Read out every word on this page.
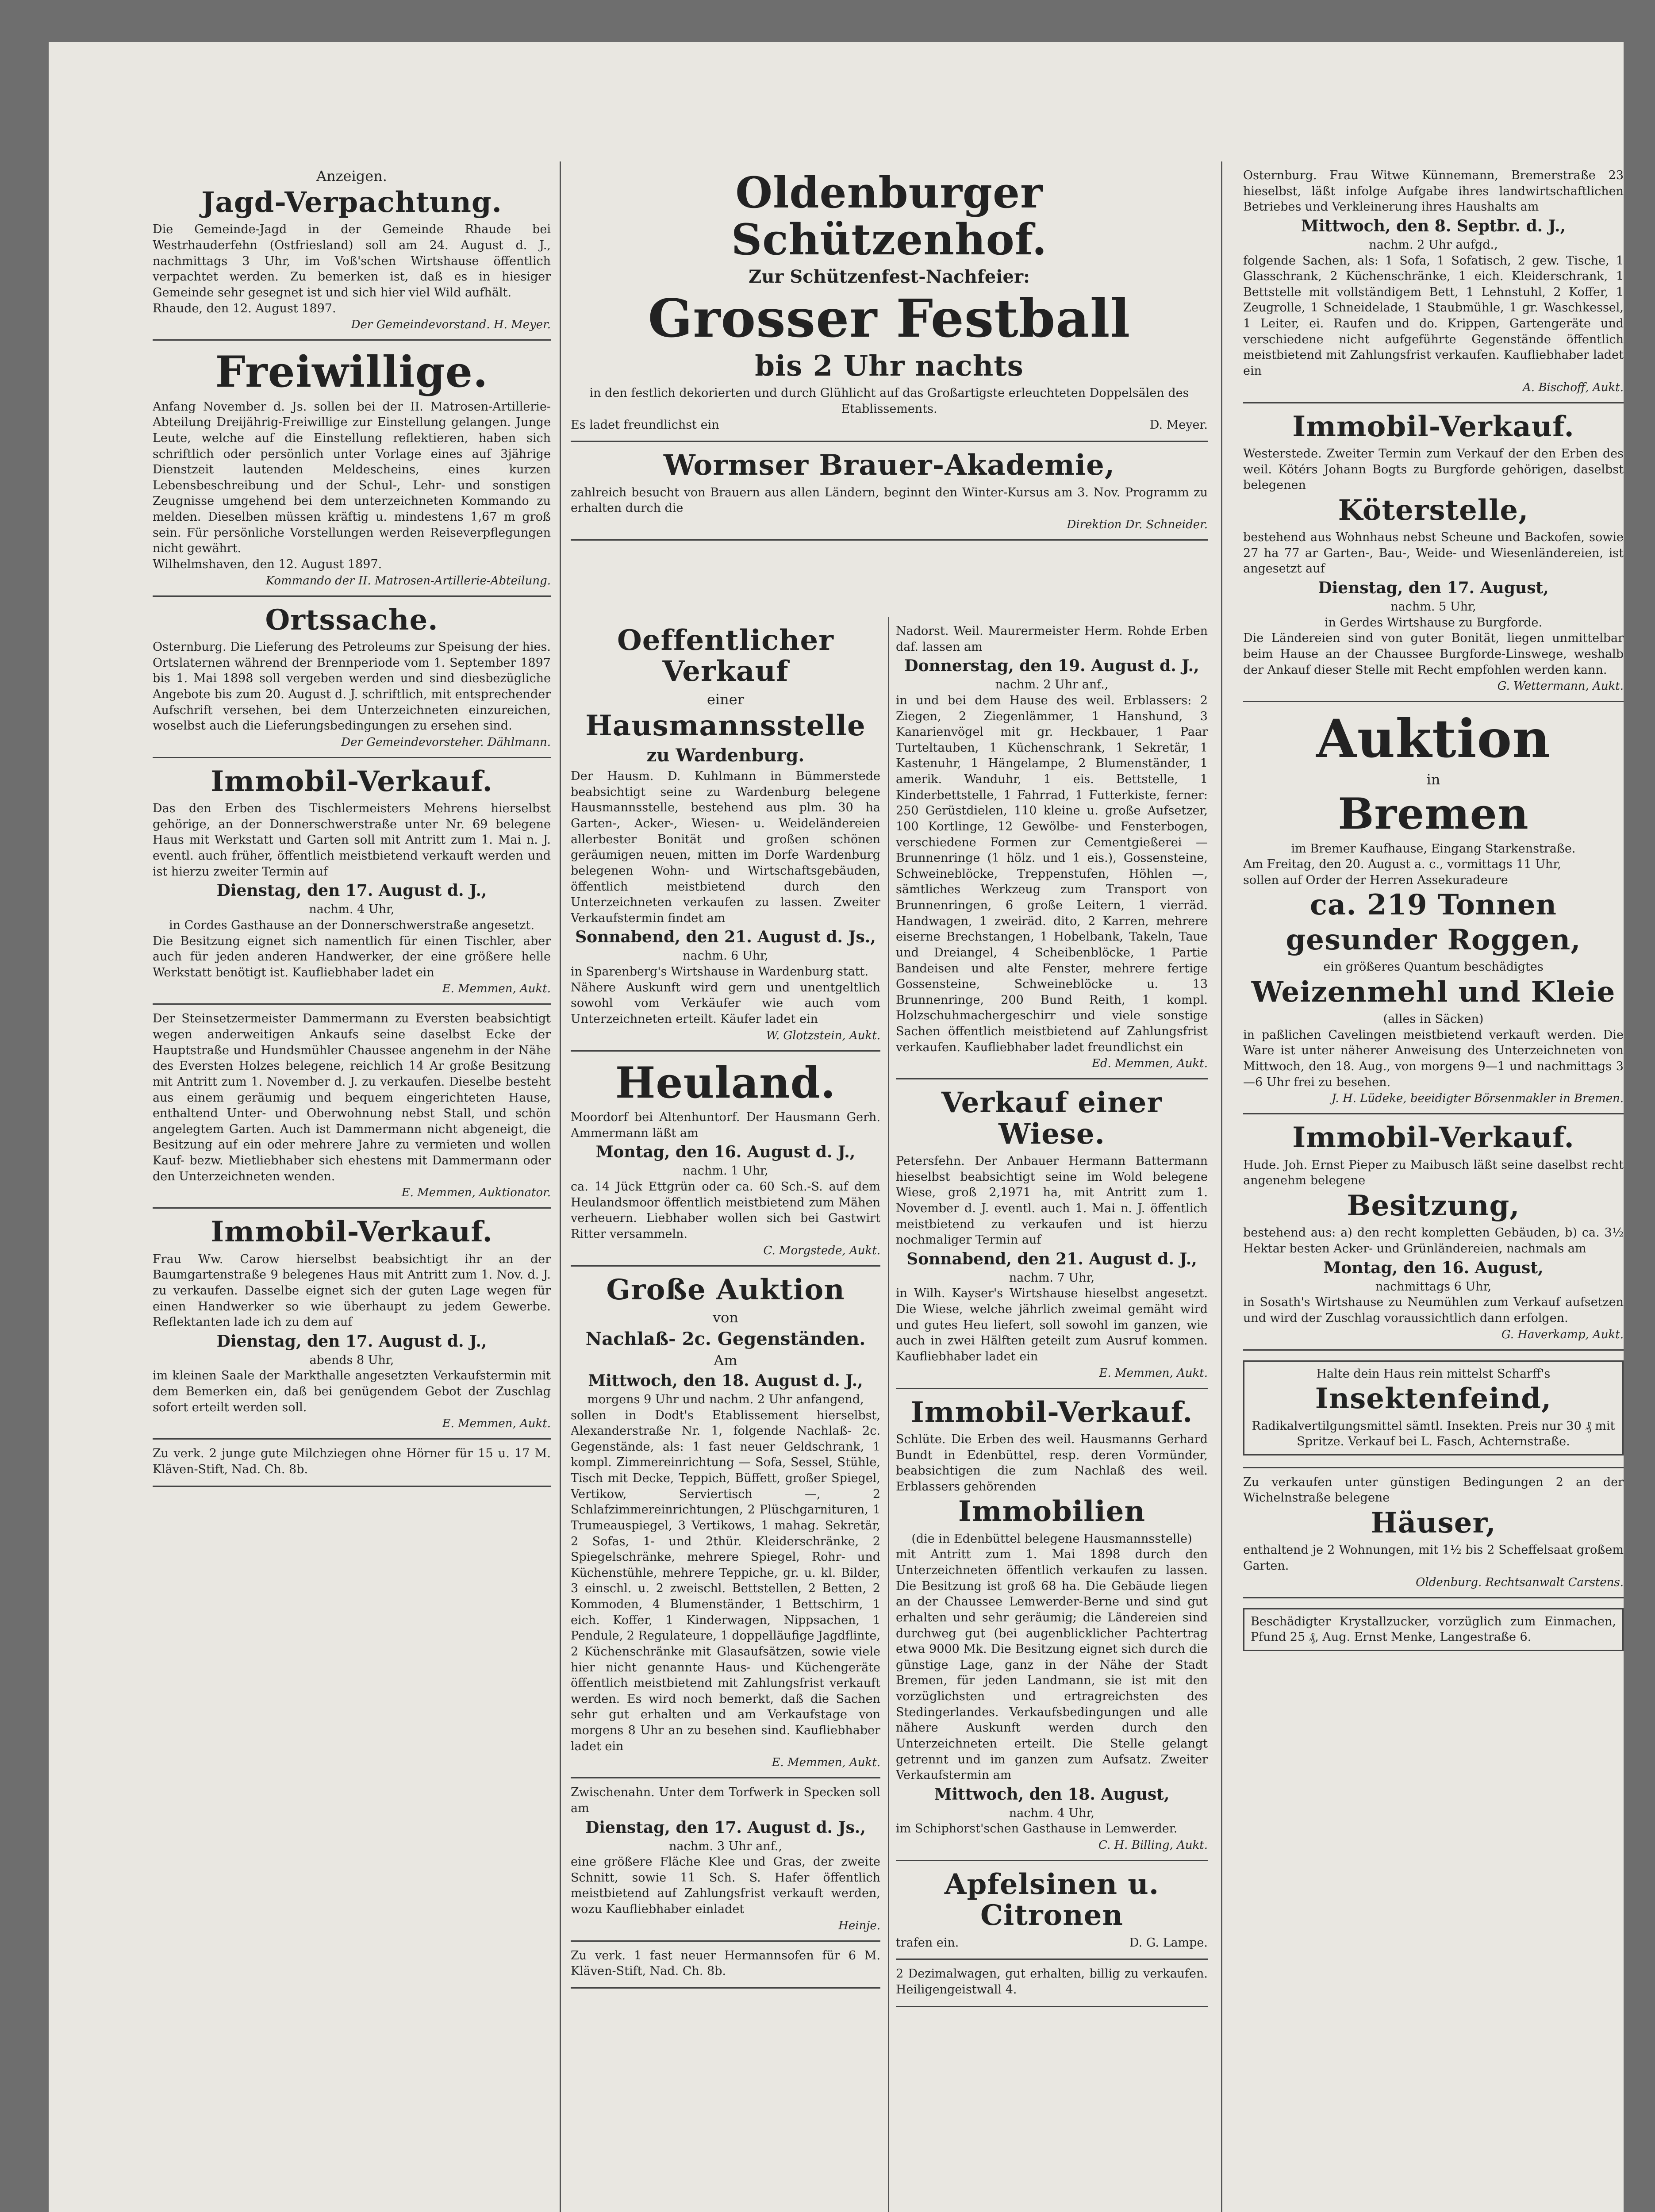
Anzeigen.
Jagd-Verpachtung.

Die Gemeinde-Jagd in der Gemeinde Rhaude bei Westrhauderfehn (Ostfriesland) soll am 24. August d. J., nachmittags 3 Uhr, im Voß'schen Wirtshause öffentlich verpachtet werden. Zu bemerken ist, daß es in hiesiger Gemeinde sehr gesegnet ist und sich hier viel Wild aufhält.

Rhaude, den 12. August 1897.

Der Gemeindevorstand. H. Meyer.
Freiwillige.

Anfang November d. Js. sollen bei der II. Matrosen-Artillerie-Abteilung Dreijährig-Freiwillige zur Einstellung gelangen. Junge Leute, welche auf die Einstellung reflektieren, haben sich schriftlich oder persönlich unter Vorlage eines auf 3jährige Dienstzeit lautenden Meldescheins, eines kurzen Lebensbeschreibung und der Schul-, Lehr- und sonstigen Zeugnisse umgehend bei dem unterzeichneten Kommando zu melden. Dieselben müssen kräftig u. mindestens 1,67 m groß sein. Für persönliche Vorstellungen werden Reiseverpflegungen nicht gewährt.

Wilhelmshaven, den 12. August 1897.

Kommando der II. Matrosen-Artillerie-Abteilung.
Ortssache.

Osternburg. Die Lieferung des Petroleums zur Speisung der hies. Ortslaternen während der Brennperiode vom 1. September 1897 bis 1. Mai 1898 soll vergeben werden und sind diesbezügliche Angebote bis zum 20. August d. J. schriftlich, mit entsprechender Aufschrift versehen, bei dem Unterzeichneten einzureichen, woselbst auch die Lieferungsbedingungen zu ersehen sind.

Der Gemeindevorsteher. Dählmann.
Immobil-Verkauf.

Das den Erben des Tischlermeisters Mehrens hierselbst gehörige, an der Donnerschwerstraße unter Nr. 69 belegene Haus mit Werkstatt und Garten soll mit Antritt zum 1. Mai n. J. eventl. auch früher, öffentlich meistbietend verkauft werden und ist hierzu zweiter Termin auf

Dienstag, den 17. August d. J.,

nachm. 4 Uhr,

in Cordes Gasthause an der Donnerschwerstraße angesetzt.

Die Besitzung eignet sich namentlich für einen Tischler, aber auch für jeden anderen Handwerker, der eine größere helle Werkstatt benötigt ist. Kaufliebhaber ladet ein

E. Memmen, Aukt.

Der Steinsetzermeister Dammermann zu Eversten beabsichtigt wegen anderweitigen Ankaufs seine daselbst Ecke der Hauptstraße und Hundsmühler Chaussee angenehm in der Nähe des Eversten Holzes belegene, reichlich 14 Ar große Besitzung mit Antritt zum 1. November d. J. zu verkaufen. Dieselbe besteht aus einem geräumig und bequem eingerichteten Hause, enthaltend Unter- und Oberwohnung nebst Stall, und schön angelegtem Garten. Auch ist Dammermann nicht abgeneigt, die Besitzung auf ein oder mehrere Jahre zu vermieten und wollen Kauf- bezw. Mietliebhaber sich ehestens mit Dammermann oder den Unterzeichneten wenden.

E. Memmen, Auktionator.
Immobil-Verkauf.

Frau Ww. Carow hierselbst beabsichtigt ihr an der Baumgartenstraße 9 belegenes Haus mit Antritt zum 1. Nov. d. J. zu verkaufen. Dasselbe eignet sich der guten Lage wegen für einen Handwerker so wie überhaupt zu jedem Gewerbe. Reflektanten lade ich zu dem auf

Dienstag, den 17. August d. J.,

abends 8 Uhr,

im kleinen Saale der Markthalle angesetzten Verkaufstermin mit dem Bemerken ein, daß bei genügendem Gebot der Zuschlag sofort erteilt werden soll.

E. Memmen, Aukt.

Zu verk. 2 junge gute Milchziegen ohne Hörner für 15 u. 17 M. Kläven-Stift, Nad. Ch. 8b.

Oldenburger Schützenhof.
Zur Schützenfest-Nachfeier:
Grosser Festball
bis 2 Uhr nachts

in den festlich dekorierten und durch Glühlicht auf das Großartigste erleuchteten Doppelsälen des Etablissements.

Es ladet freundlichst ein	D. Meyer.

Wormser Brauer-Akademie,

zahlreich besucht von Brauern aus allen Ländern, beginnt den Winter-Kursus am 3. Nov. Programm zu erhalten durch die

Direktion Dr. Schneider.
Oeffentlicher Verkauf
einer
Hausmannsstelle
zu Wardenburg.

Der Hausm. D. Kuhlmann in Bümmerstede beabsichtigt seine zu Wardenburg belegene Hausmannsstelle, bestehend aus plm. 30 ha Garten-, Acker-, Wiesen- u. Weideländereien allerbester Bonität und großen schönen geräumigen neuen, mitten im Dorfe Wardenburg belegenen Wohn- und Wirtschaftsgebäuden, öffentlich meistbietend durch den Unterzeichneten verkaufen zu lassen. Zweiter Verkaufstermin findet am

Sonnabend, den 21. August d. Js.,

nachm. 6 Uhr,

in Sparenberg's Wirtshause in Wardenburg statt.

Nähere Auskunft wird gern und unentgeltlich sowohl vom Verkäufer wie auch vom Unterzeichneten erteilt. Käufer ladet ein

W. Glotzstein, Aukt.
Heuland.

Moordorf bei Altenhuntorf. Der Hausmann Gerh. Ammermann läßt am

Montag, den 16. August d. J.,

nachm. 1 Uhr,

ca. 14 Jück Ettgrün oder ca. 60 Sch.-S. auf dem Heulandsmoor öffentlich meistbietend zum Mähen verheuern. Liebhaber wollen sich bei Gastwirt Ritter versammeln.

C. Morgstede, Aukt.
Große Auktion
von
Nachlaß- 2c. Gegenständen.
Am
Mittwoch, den 18. August d. J.,

morgens 9 Uhr und nachm. 2 Uhr anfangend,

sollen in Dodt's Etablissement hierselbst, Alexanderstraße Nr. 1, folgende Nachlaß- 2c. Gegenstände, als: 1 fast neuer Geldschrank, 1 kompl. Zimmereinrichtung — Sofa, Sessel, Stühle, Tisch mit Decke, Teppich, Büffett, großer Spiegel, Vertikow, Serviertisch —, 2 Schlafzimmereinrichtungen, 2 Plüschgarnituren, 1 Trumeauspiegel, 3 Vertikows, 1 mahag. Sekretär, 2 Sofas, 1- und 2thür. Kleiderschränke, 2 Spiegelschränke, mehrere Spiegel, Rohr- und Küchenstühle, mehrere Teppiche, gr. u. kl. Bilder, 3 einschl. u. 2 zweischl. Bettstellen, 2 Betten, 2 Kommoden, 4 Blumenständer, 1 Bettschirm, 1 eich. Koffer, 1 Kinderwagen, Nippsachen, 1 Pendule, 2 Regulateure, 1 doppelläufige Jagdflinte, 2 Küchenschränke mit Glasaufsätzen, sowie viele hier nicht genannte Haus- und Küchengeräte öffentlich meistbietend mit Zahlungsfrist verkauft werden. Es wird noch bemerkt, daß die Sachen sehr gut erhalten und am Verkaufstage von morgens 8 Uhr an zu besehen sind. Kaufliebhaber ladet ein

E. Memmen, Aukt.

Zwischenahn. Unter dem Torfwerk in Specken soll am

Dienstag, den 17. August d. Js.,

nachm. 3 Uhr anf.,

eine größere Fläche Klee und Gras, der zweite Schnitt, sowie 11 Sch. S. Hafer öffentlich meistbietend auf Zahlungsfrist verkauft werden, wozu Kaufliebhaber einladet

Heinje.

Zu verk. 1 fast neuer Hermannsofen für 6 M. Kläven-Stift, Nad. Ch. 8b.

Nadorst. Weil. Maurermeister Herm. Rohde Erben daf. lassen am

Donnerstag, den 19. August d. J.,

nachm. 2 Uhr anf.,

in und bei dem Hause des weil. Erblassers: 2 Ziegen, 2 Ziegenlämmer, 1 Hanshund, 3 Kanarienvögel mit gr. Heckbauer, 1 Paar Turteltauben, 1 Küchenschrank, 1 Sekretär, 1 Kastenuhr, 1 Hängelampe, 2 Blumenständer, 1 amerik. Wanduhr, 1 eis. Bettstelle, 1 Kinderbettstelle, 1 Fahrrad, 1 Futterkiste, ferner: 250 Gerüstdielen, 110 kleine u. große Aufsetzer, 100 Kortlinge, 12 Gewölbe- und Fensterbogen, verschiedene Formen zur Cementgießerei — Brunnenringe (1 hölz. und 1 eis.), Gossensteine, Schweineblöcke, Treppenstufen, Höhlen —, sämtliches Werkzeug zum Transport von Brunnenringen, 6 große Leitern, 1 vierräd. Handwagen, 1 zweiräd. dito, 2 Karren, mehrere eiserne Brechstangen, 1 Hobelbank, Takeln, Taue und Dreiangel, 4 Scheibenblöcke, 1 Partie Bandeisen und alte Fenster, mehrere fertige Gossensteine, Schweineblöcke u. 13 Brunnenringe, 200 Bund Reith, 1 kompl. Holzschuhmachergeschirr und viele sonstige Sachen öffentlich meistbietend auf Zahlungsfrist verkaufen. Kaufliebhaber ladet freundlichst ein

Ed. Memmen, Aukt.
Verkauf einer Wiese.

Petersfehn. Der Anbauer Hermann Battermann hieselbst beabsichtigt seine im Wold belegene Wiese, groß 2,1971 ha, mit Antritt zum 1. November d. J. eventl. auch 1. Mai n. J. öffentlich meistbietend zu verkaufen und ist hierzu nochmaliger Termin auf

Sonnabend, den 21. August d. J.,

nachm. 7 Uhr,

in Wilh. Kayser's Wirtshause hieselbst angesetzt. Die Wiese, welche jährlich zweimal gemäht wird und gutes Heu liefert, soll sowohl im ganzen, wie auch in zwei Hälften geteilt zum Ausruf kommen. Kaufliebhaber ladet ein

E. Memmen, Aukt.
Immobil-Verkauf.

Schlüte. Die Erben des weil. Hausmanns Gerhard Bundt in Edenbüttel, resp. deren Vormünder, beabsichtigen die zum Nachlaß des weil. Erblassers gehörenden

Immobilien

(die in Edenbüttel belegene Hausmannsstelle)

mit Antritt zum 1. Mai 1898 durch den Unterzeichneten öffentlich verkaufen zu lassen. Die Besitzung ist groß 68 ha. Die Gebäude liegen an der Chaussee Lemwerder-Berne und sind gut erhalten und sehr geräumig; die Ländereien sind durchweg gut (bei augenblicklicher Pachtertrag etwa 9000 Mk. Die Besitzung eignet sich durch die günstige Lage, ganz in der Nähe der Stadt Bremen, für jeden Landmann, sie ist mit den vorzüglichsten und ertragreichsten des Stedingerlandes. Verkaufsbedingungen und alle nähere Auskunft werden durch den Unterzeichneten erteilt. Die Stelle gelangt getrennt und im ganzen zum Aufsatz. Zweiter Verkaufstermin am

Mittwoch, den 18. August,

nachm. 4 Uhr,

im Schiphorst'schen Gasthause in Lemwerder.

C. H. Billing, Aukt.
Apfelsinen u. Citronen

trafen ein.	D. G. Lampe.

2 Dezimalwagen, gut erhalten, billig zu verkaufen. Heiligengeistwall 4.

Osternburg. Frau Witwe Künnemann, Bremerstraße 23 hieselbst, läßt infolge Aufgabe ihres landwirtschaftlichen Betriebes und Verkleinerung ihres Haushalts am

Mittwoch, den 8. Septbr. d. J.,

nachm. 2 Uhr aufgd.,

folgende Sachen, als: 1 Sofa, 1 Sofatisch, 2 gew. Tische, 1 Glasschrank, 2 Küchenschränke, 1 eich. Kleiderschrank, 1 Bettstelle mit vollständigem Bett, 1 Lehnstuhl, 2 Koffer, 1 Zeugrolle, 1 Schneidelade, 1 Staubmühle, 1 gr. Waschkessel, 1 Leiter, ei. Raufen und do. Krippen, Gartengeräte und verschiedene nicht aufgeführte Gegenstände öffentlich meistbietend mit Zahlungsfrist verkaufen. Kaufliebhaber ladet ein

A. Bischoff, Aukt.
Immobil-Verkauf.

Westerstede. Zweiter Termin zum Verkauf der den Erben des weil. Kötérs Johann Bogts zu Burgforde gehörigen, daselbst belegenen

Köterstelle,

bestehend aus Wohnhaus nebst Scheune und Backofen, sowie 27 ha 77 ar Garten-, Bau-, Weide- und Wiesenländereien, ist angesetzt auf

Dienstag, den 17. August,

nachm. 5 Uhr,

in Gerdes Wirtshause zu Burgforde.

Die Ländereien sind von guter Bonität, liegen unmittelbar beim Hause an der Chaussee Burgforde-Linswege, weshalb der Ankauf dieser Stelle mit Recht empfohlen werden kann.

G. Wettermann, Aukt.
Auktion
in
Bremen

im Bremer Kaufhause, Eingang Starkenstraße.

Am Freitag, den 20. August a. c., vormittags 11 Uhr,

sollen auf Order der Herren Assekuradeure

ca. 219 Tonnen
gesunder Roggen,

ein größeres Quantum beschädigtes

Weizenmehl und Kleie

(alles in Säcken)

in paßlichen Cavelingen meistbietend verkauft werden. Die Ware ist unter näherer Anweisung des Unterzeichneten von Mittwoch, den 18. Aug., von morgens 9—1 und nachmittags 3—6 Uhr frei zu besehen.

J. H. Lüdeke, beeidigter Börsenmakler in Bremen.
Immobil-Verkauf.

Hude. Joh. Ernst Pieper zu Maibusch läßt seine daselbst recht angenehm belegene

Besitzung,

bestehend aus: a) den recht kompletten Gebäuden, b) ca. 3½ Hektar besten Acker- und Grünländereien, nachmals am

Montag, den 16. August,

nachmittags 6 Uhr,

in Sosath's Wirtshause zu Neumühlen zum Verkauf aufsetzen und wird der Zuschlag voraussichtlich dann erfolgen.

G. Haverkamp, Aukt.

Halte dein Haus rein mittelst Scharff's

Insektenfeind,

Radikalvertilgungsmittel sämtl. Insekten. Preis nur 30 ₰ mit Spritze. Verkauf bei L. Fasch, Achternstraße.

Zu verkaufen unter günstigen Bedingungen 2 an der Wichelnstraße belegene

Häuser,

enthaltend je 2 Wohnungen, mit 1½ bis 2 Scheffelsaat großem Garten.

Oldenburg. Rechtsanwalt Carstens.

Beschädigter Krystallzucker, vorzüglich zum Einmachen, Pfund 25 ₰, Aug. Ernst Menke, Langestraße 6.
